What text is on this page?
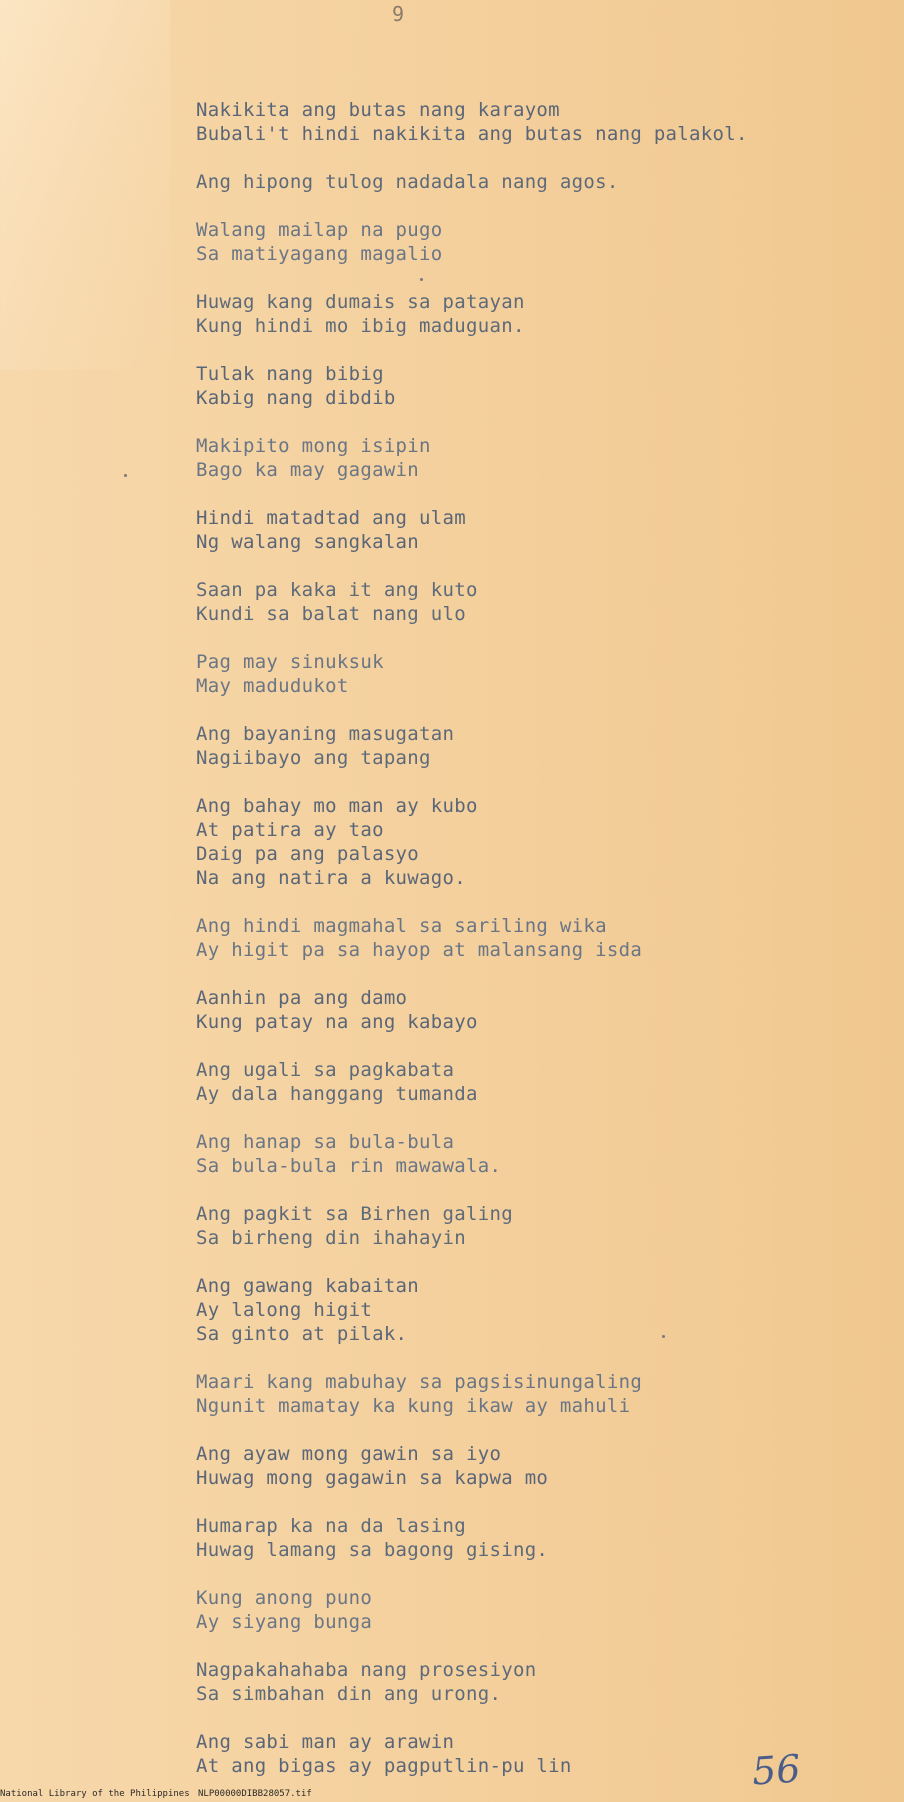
9
Nakikita ang butas nang karayom
Bubali't hindi nakikita ang butas nang palakol.
Ang hipong tulog nadadala nang agos.
Walang mailap na pugo
Sa matiyagang magalio
Huwag kang dumais sa patayan
Kung hindi mo ibig maduguan.
Tulak nang bibig
Kabig nang dibdib
Makipito mong isipin
Bago ka may gagawin
Hindi matadtad ang ulam
Ng walang sangkalan
Saan pa kaka it ang kuto
Kundi sa balat nang ulo
Pag may sinuksuk
May madudukot
Ang bayaning masugatan
Nagiibayo ang tapang
Ang bahay mo man ay kubo
At patira ay tao
Daig pa ang palasyo
Na ang natira a kuwago.
Ang hindi magmahal sa sariling wika
Ay higit pa sa hayop at malansang isda
Aanhin pa ang damo
Kung patay na ang kabayo
Ang ugali sa pagkabata
Ay dala hanggang tumanda
Ang hanap sa bula-bula
Sa bula-bula rin mawawala.
Ang pagkit sa Birhen galing
Sa birheng din ihahayin
Ang gawang kabaitan
Ay lalong higit
Sa ginto at pilak.
Maari kang mabuhay sa pagsisinungaling
Ngunit mamatay ka kung ikaw ay mahuli
Ang ayaw mong gawin sa iyo
Huwag mong gagawin sa kapwa mo
Humarap ka na da lasing
Huwag lamang sa bagong gising.
Kung anong puno
Ay siyang bunga
Nagpakahahaba nang prosesiyon
Sa simbahan din ang urong.
Ang sabi man ay arawin
At ang bigas ay pagputlin-pu lin	56
National Library of the Philippines NLP00000DIBB28057.tif
